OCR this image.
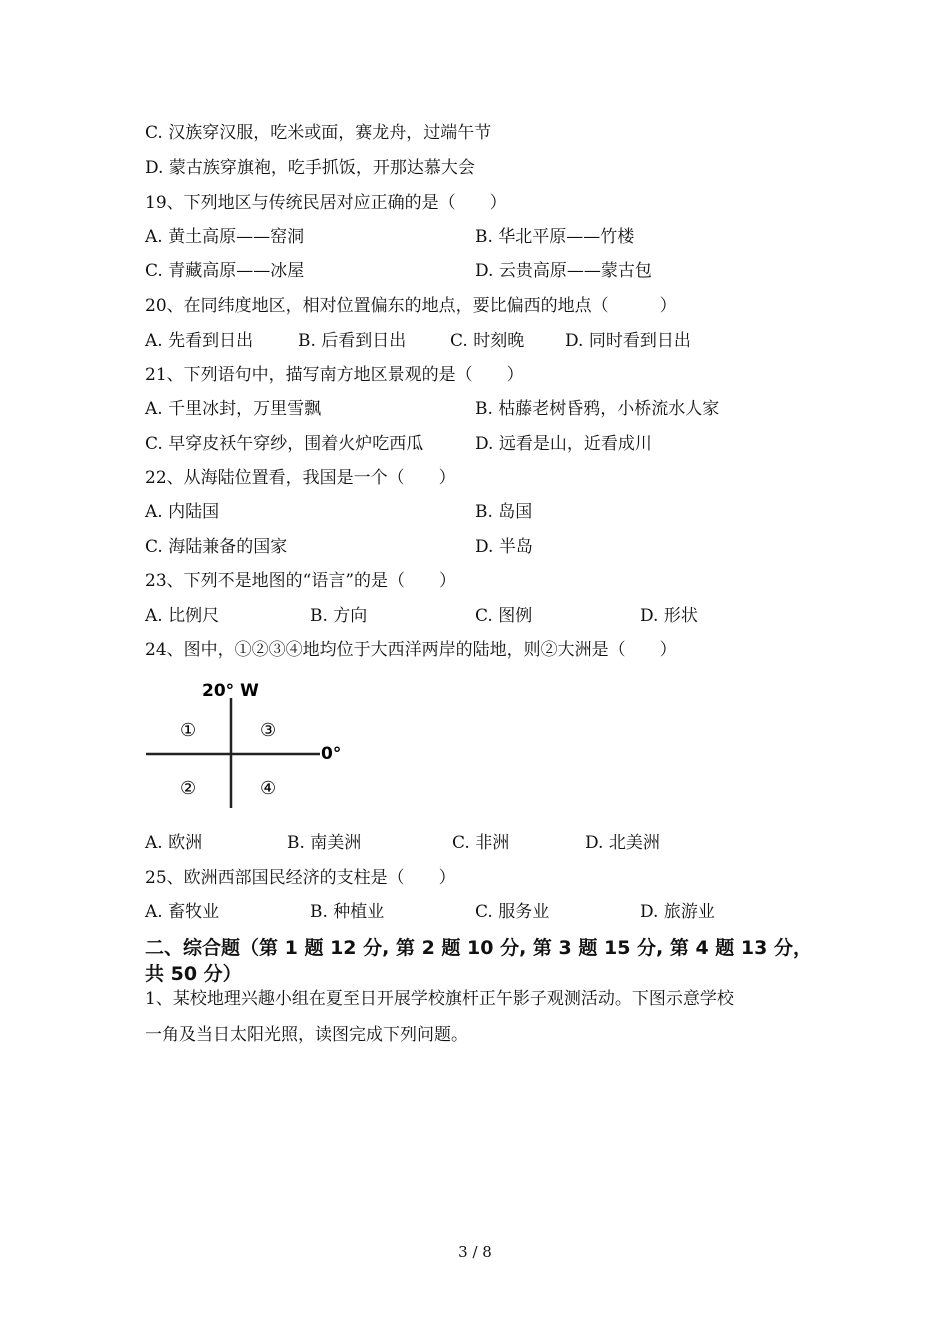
C. 汉族穿汉服，吃米或面，赛龙舟，过端午节
D. 蒙古族穿旗袍，吃手抓饭，开那达慕大会
19、下列地区与传统民居对应正确的是（　　）
A. 黄土高原——窑洞	B. 华北平原——竹楼
C. 青藏高原——冰屋	D. 云贵高原——蒙古包
20、在同纬度地区，相对位置偏东的地点，要比偏西的地点（　　　）
A. 先看到日出	B. 后看到日出	C. 时刻晚 D. 同时看到日出
21、下列语句中，描写南方地区景观的是（　　）
A. 千里冰封，万里雪飘	B. 枯藤老树昏鸦，小桥流水人家
C. 早穿皮袄午穿纱，围着火炉吃西瓜	D. 远看是山，近看成川
22、从海陆位置看，我国是一个（　　）
A. 内陆国	B. 岛国
C. 海陆兼备的国家	D. 半岛
23、下列不是地图的“语言”的是（　　）
A. 比例尺	B. 方向	C. 图例	D. 形状
24、图中，①②③④地均位于大西洋两岸的陆地，则②大洲是（　　）
20° W
0°
①	③
②	④
A. 欧洲	B. 南美洲	C. 非洲	D. 北美洲
25、欧洲西部国民经济的支柱是（　　）
A. 畜牧业	B. 种植业	C. 服务业	D. 旅游业
二、综合题（第 1 题 12 分, 第 2 题 10 分, 第 3 题 15 分, 第 4 题 13 分，
共 50 分）
1、某校地理兴趣小组在夏至日开展学校旗杆正午影子观测活动。下图示意学校
一角及当日太阳光照，读图完成下列问题。
3 / 8
